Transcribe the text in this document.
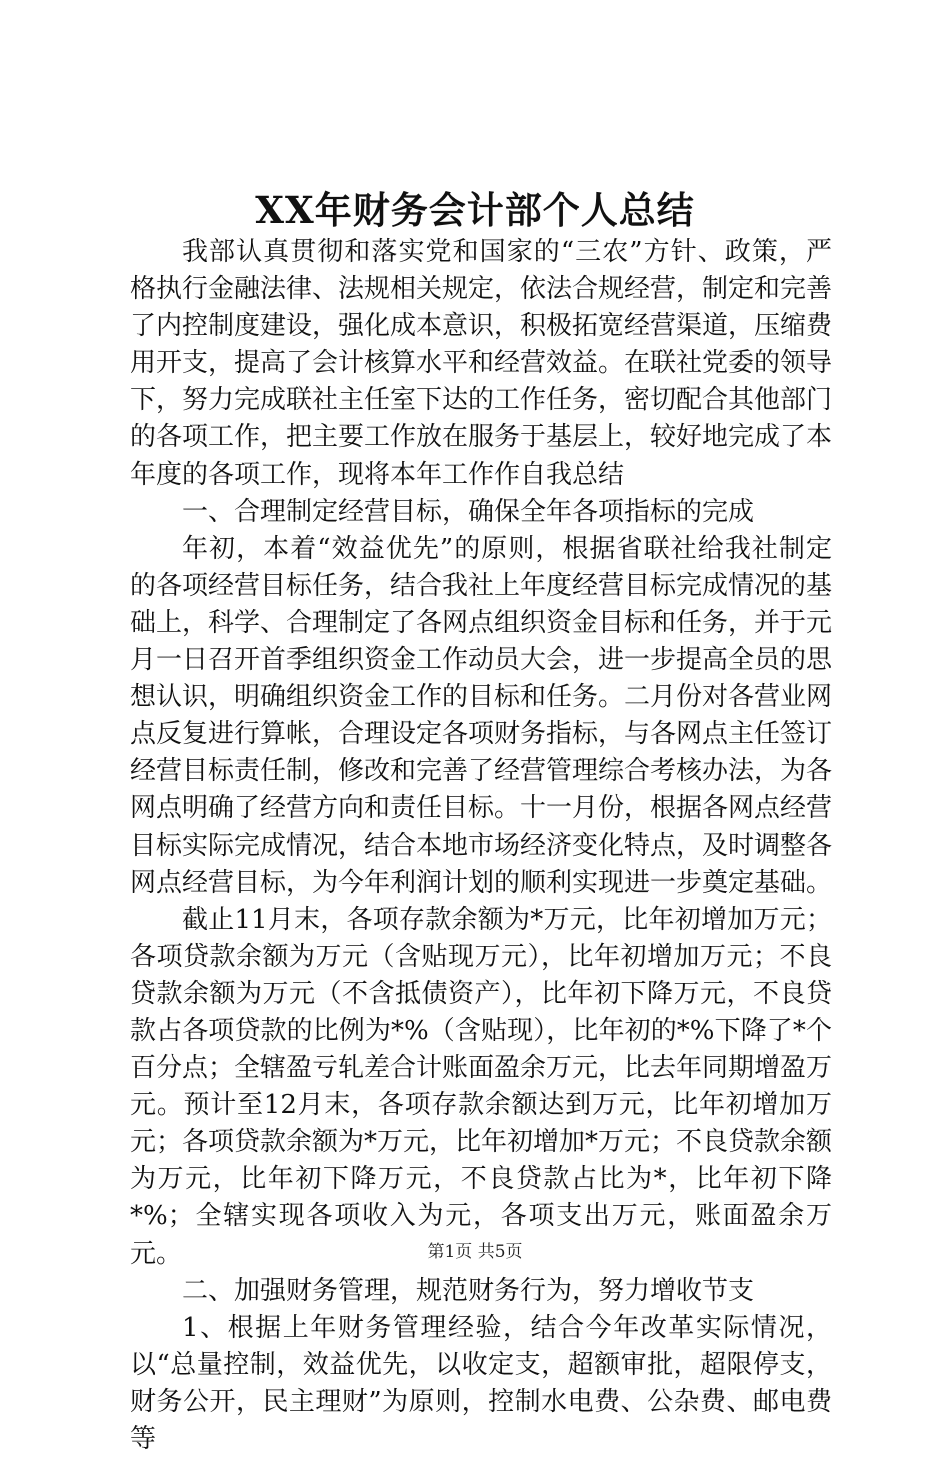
XX年财务会计部个人总结

我部认真贯彻和落实党和国家的“三农”方针、政策，严格执行金融法律、法规相关规定，依法合规经营，制定和完善了内控制度建设，强化成本意识，积极拓宽经营渠道，压缩费用开支，提高了会计核算水平和经营效益。在联社党委的领导下，努力完成联社主任室下达的工作任务，密切配合其他部门的各项工作，把主要工作放在服务于基层上，较好地完成了本年度的各项工作，现将本年工作作自我总结

一、合理制定经营目标，确保全年各项指标的完成

年初，本着“效益优先”的原则，根据省联社给我社制定的各项经营目标任务，结合我社上年度经营目标完成情况的基础上，科学、合理制定了各网点组织资金目标和任务，并于元月一日召开首季组织资金工作动员大会，进一步提高全员的思想认识，明确组织资金工作的目标和任务。二月份对各营业网点反复进行算帐，合理设定各项财务指标，与各网点主任签订经营目标责任制，修改和完善了经营管理综合考核办法，为各网点明确了经营方向和责任目标。十一月份，根据各网点经营目标实际完成情况，结合本地市场经济变化特点，及时调整各网点经营目标，为今年利润计划的顺利实现进一步奠定基础。

截止11月末，各项存款余额为*万元，比年初增加万元；各项贷款余额为万元（含贴现万元），比年初增加万元；不良贷款余额为万元（不含抵债资产），比年初下降万元，不良贷款占各项贷款的比例为*%（含贴现），比年初的*%下降了*个百分点；全辖盈亏轧差合计账面盈余万元，比去年同期增盈万元。预计至12月末，各项存款余额达到万元，比年初增加万元；各项贷款余额为*万元，比年初增加*万元；不良贷款余额为万元，比年初下降万元，不良贷款占比为*，比年初下降*%；全辖实现各项收入为元，各项支出万元，账面盈余万元。

二、加强财务管理，规范财务行为，努力增收节支

1、根据上年财务管理经验，结合今年改革实际情况，以“总量控制，效益优先，以收定支，超额审批，超限停支，财务公开，民主理财”为原则，控制水电费、公杂费、邮电费等

第1页 共5页
